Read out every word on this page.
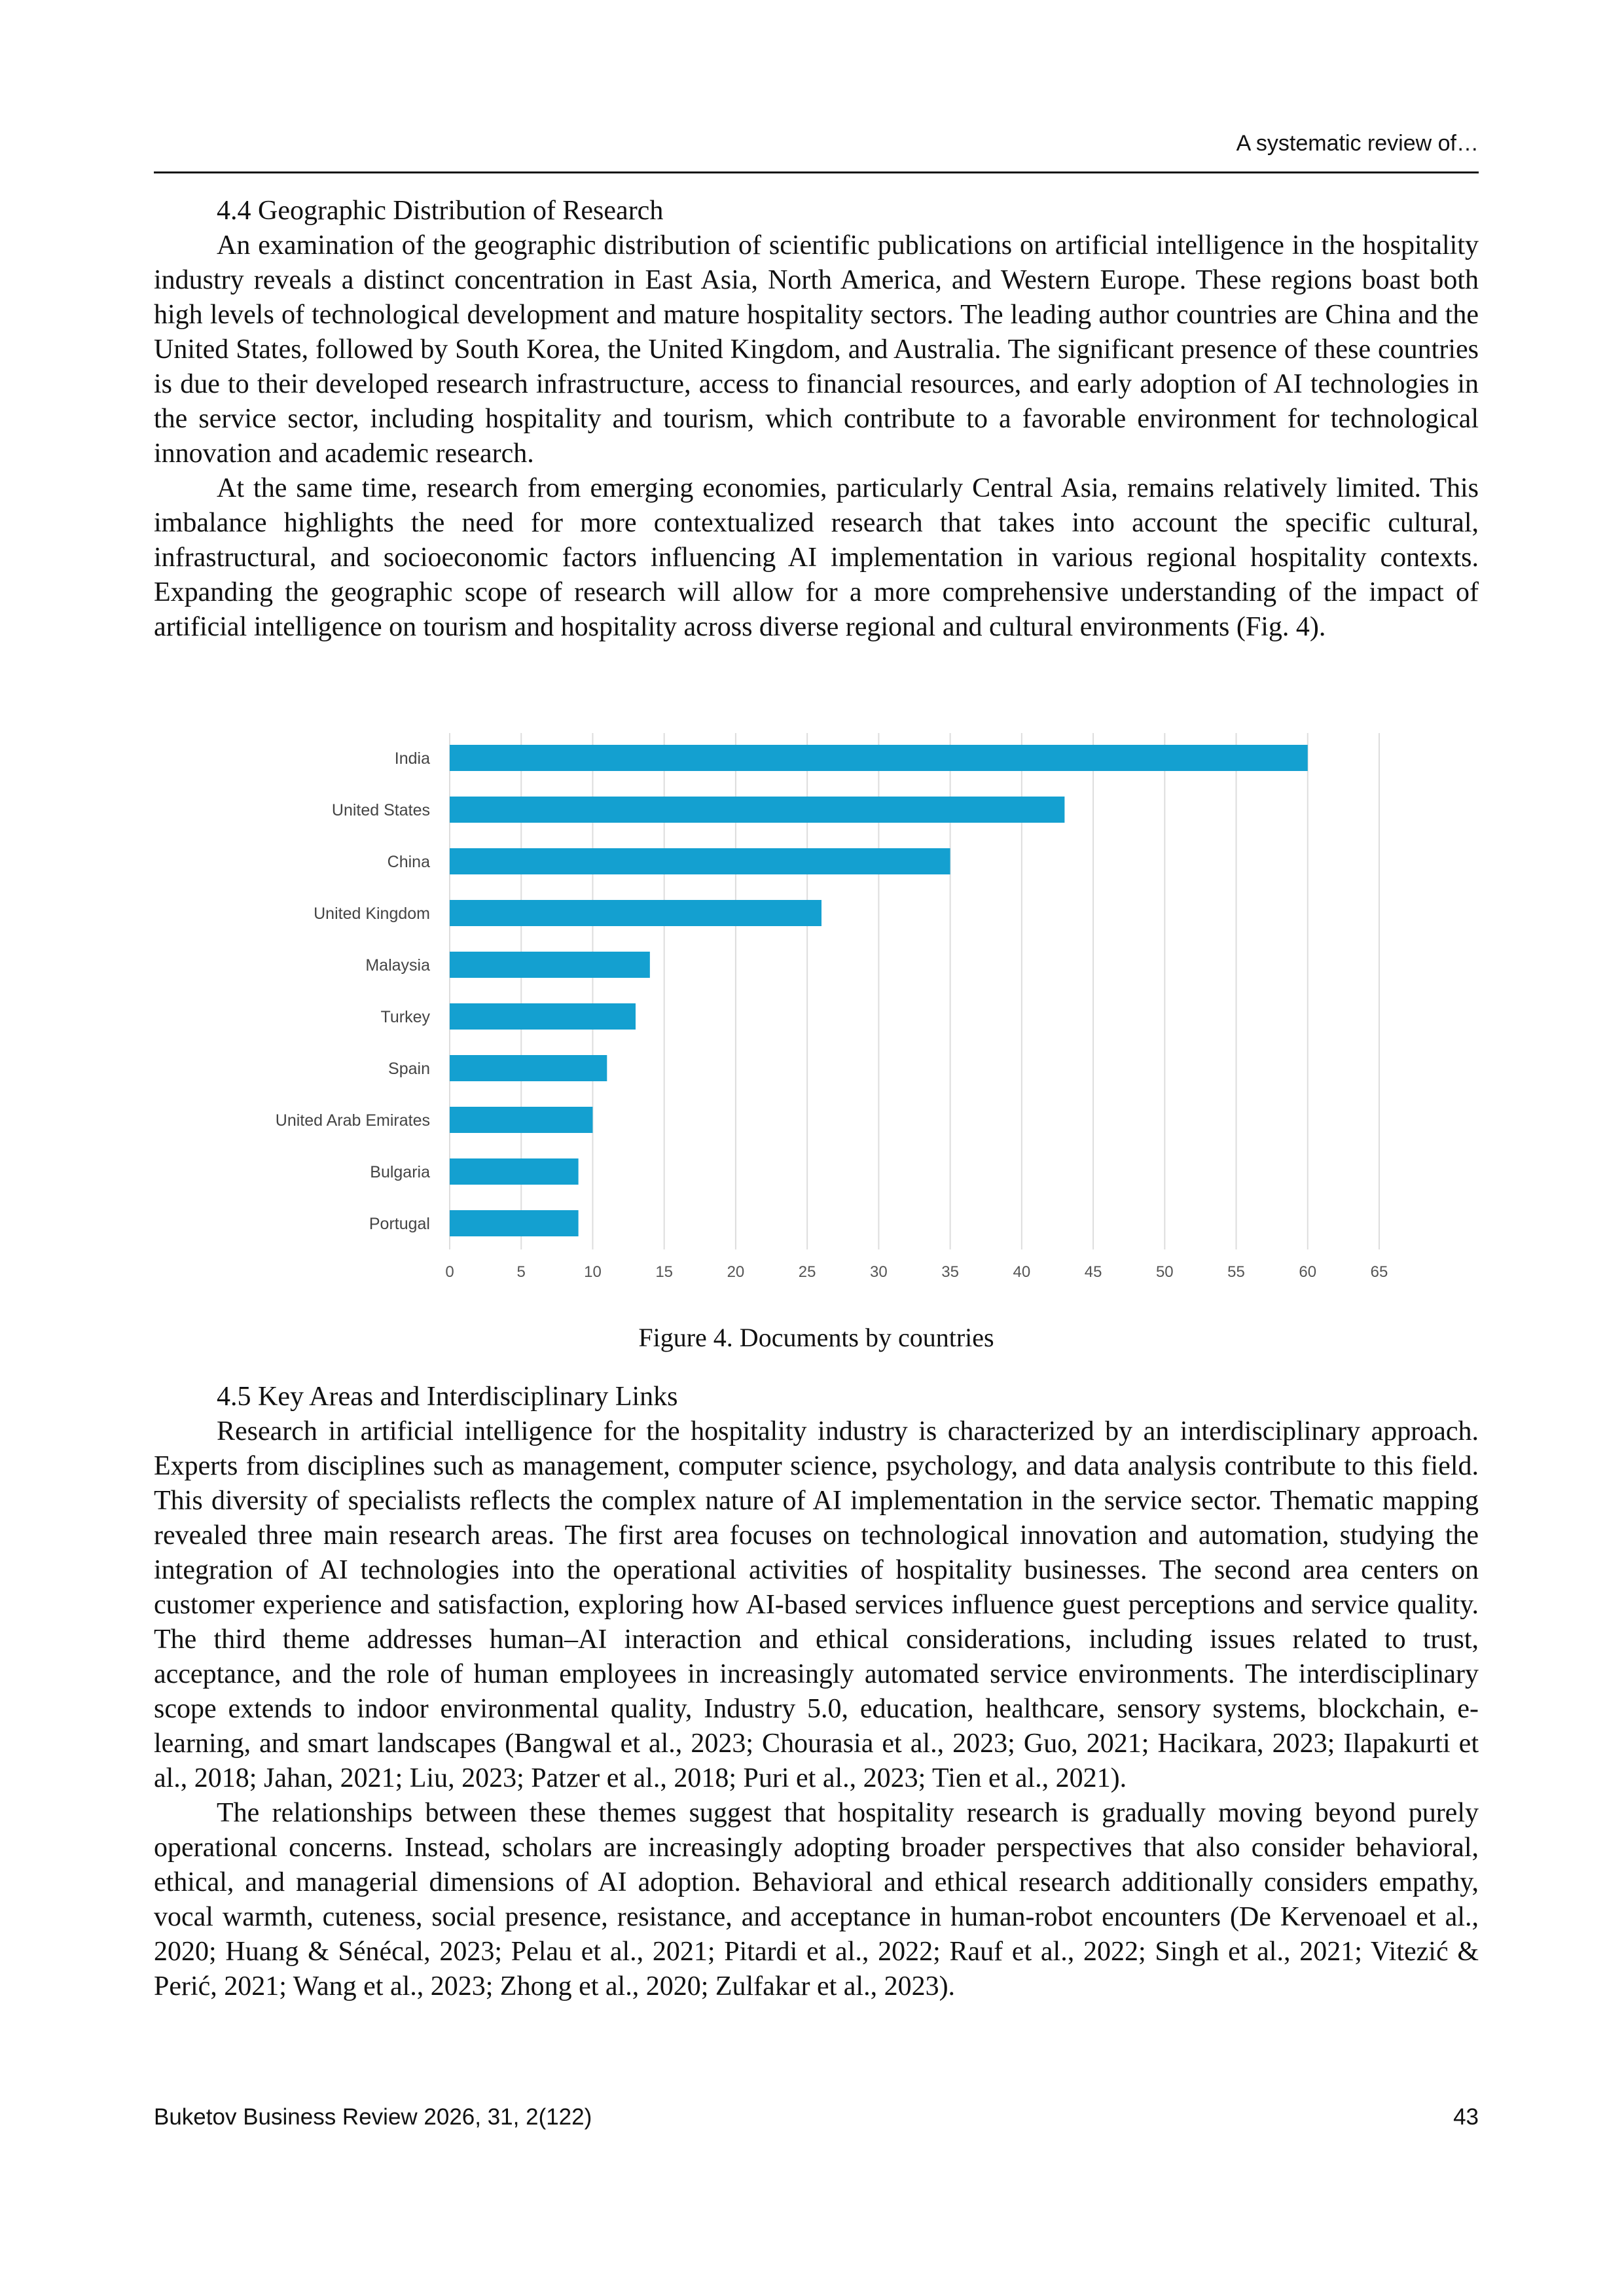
A systematic review of…
4.4 Geographic Distribution of Research

An examination of the geographic distribution of scientific publications on artificial intelligence in the hospitality industry reveals a distinct concentration in East Asia, North America, and Western Europe. These regions boast both high levels of technological development and mature hospitality sectors. The leading author countries are China and the United States, followed by South Korea, the United Kingdom, and Australia. The significant presence of these countries is due to their developed research infrastructure, access to financial resources, and early adoption of AI technologies in the service sector, including hospitality and tourism, which contribute to a favorable environment for technological innovation and academic research.

At the same time, research from emerging economies, particularly Central Asia, remains relatively limited. This imbalance highlights the need for more contextualized research that takes into account the specific cultural, infrastructural, and socioeconomic factors influencing AI implementation in various regional hospitality contexts. Expanding the geographic scope of research will allow for a more comprehensive understanding of the impact of artificial intelligence on tourism and hospitality across diverse regional and cultural environments (Fig. 4).

0	5	10	15	20	25	30	35	40	45	50	55	60	65
India
United States
China
United Kingdom
Malaysia
Turkey
Spain
United Arab Emirates
Bulgaria
Portugal
Figure 4. Documents by countries
4.5 Key Areas and Interdisciplinary Links

Research in artificial intelligence for the hospitality industry is characterized by an interdisciplinary approach. Experts from disciplines such as management, computer science, psychology, and data analysis contribute to this field. This diversity of specialists reflects the complex nature of AI implementation in the service sector. Thematic mapping revealed three main research areas. The first area focuses on technological innovation and automation, studying the integration of AI technologies into the operational activities of hospitality businesses. The second area centers on customer experience and satisfaction, exploring how AI-based services influence guest perceptions and service quality. The third theme addresses human–AI interaction and ethical considerations, including issues related to trust, acceptance, and the role of human employees in increasingly automated service environments. The interdisciplinary scope extends to indoor environmental quality, Industry 5.0, education, healthcare, sensory systems, blockchain, e-learning, and smart landscapes (Bangwal et al., 2023; Chourasia et al., 2023; Guo, 2021; Hacikara, 2023; Ilapakurti et al., 2018; Jahan, 2021; Liu, 2023; Patzer et al., 2018; Puri et al., 2023; Tien et al., 2021).

The relationships between these themes suggest that hospitality research is gradually moving beyond purely operational concerns. Instead, scholars are increasingly adopting broader perspectives that also consider behavioral, ethical, and managerial dimensions of AI adoption. Behavioral and ethical research additionally considers empathy, vocal warmth, cuteness, social presence, resistance, and acceptance in human-robot encounters (De Kervenoael et al., 2020; Huang & Sénécal, 2023; Pelau et al., 2021; Pitardi et al., 2022; Rauf et al., 2022; Singh et al., 2021; Vitezić & Perić, 2021; Wang et al., 2023; Zhong et al., 2020; Zulfakar et al., 2023).

Buketov Business Review 2026, 31, 2(122)	43
